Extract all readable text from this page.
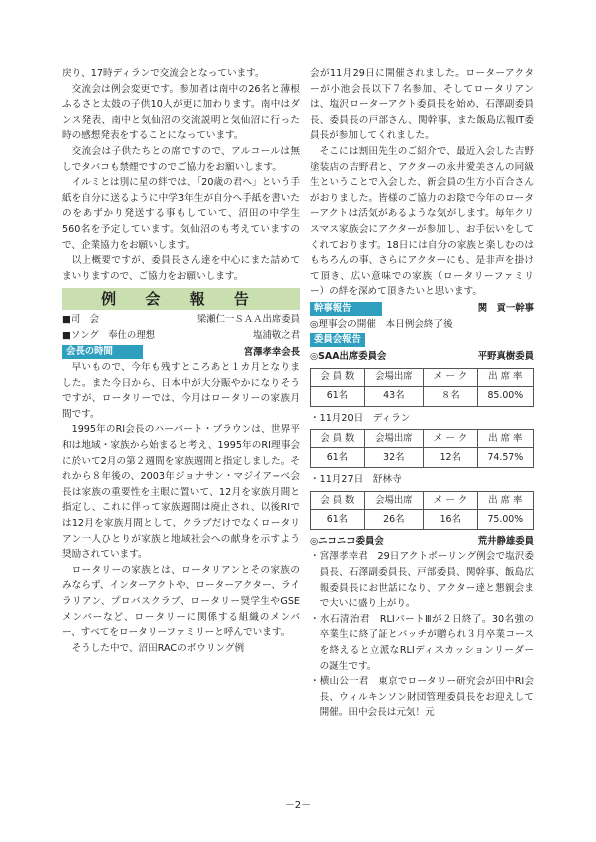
戻り、17時ディランで交流会となっています。

交流会は例会変更です。参加者は南中の26名と薄根ふるさと太鼓の子供10人が更に加わります。南中はダンス発表、南中と気仙沼の交流説明と気仙沼に行った時の感想発表をすることになっています。

交流会は子供たちとの席ですので、アルコールは無しでタバコも禁煙ですのでご協力をお願いします。

イルミとは別に星の絆では、「20歳の君へ」という手紙を自分に送るように中学3年生が自分へ手紙を書いたのをあずかり発送する事もしていて、沼田の中学生560名を予定しています。気仙沼のも考えていますので、企業協力をお願いします。

以上概要ですが、委員長さん達を中心にまた詰めてまいりますので、ご協力をお願いします。

例 会 報 告
■司　会	梁瀬仁一ＳＡＡ出席委員
■ソング　奉仕の理想	塩浦敬之君
会長の時間	宮澤孝幸会長

早いもので、今年も残すところあと１カ月となりました。また今日から、日本中が大分賑やかになりそうですが、ロータリーでは、今月はロータリーの家族月間です。

1995年のRI会長のハーバート・ブラウンは、世界平和は地域・家族から始まると考え、1995年のRI理事会に於いて2月の第２週間を家族週間と指定しました。それから８年後の、2003年ジョナサン・マジイア−べ会長は家族の重要性を主眼に置いて、12月を家族月間と指定し、これに伴って家族週間は廃止され、以後RIでは12月を家族月間として、クラブだけでなくロータリアン一人ひとりが家族と地域社会への献身を示すよう奨励されています。

ロータリーの家族とは、ロータリアンとその家族のみならず、インターアクトや、ローターアクター、ライラリアン、プロバスクラブ、ロータリー奨学生やGSEメンバーなど、ロータリーに関係する組織のメンバー、すべてをロータリーファミリーと呼んでいます。

そうした中で、沼田RACのボウリング例

会が11月29日に開催されました。ローターアクターが小池会長以下７名参加、そしてロータリアンは、塩沢ローターアクト委員長を始め、石澤副委員長、委員長の戸部さん、関幹事、また飯島広報IT委員長が参加してくれました。

そこには割田先生のご紹介で、最近入会した吉野塗装店の吉野君と、アクターの永井愛美さんの同級生ということで入会した、新会員の生方小百合さんがおりました。皆様のご協力のお陰で今年のローターアクトは活気があるような気がします。毎年クリスマス家族会にアクターが参加し、お手伝いをしてくれております。18日には自分の家族と楽しむのはもちろんの事、さらにアクターにも、是非声を掛けて頂き、広い意味での家族（ロータリーファミリー）の絆を深めて頂きたいと思います。

幹事報告	関　貢一幹事

◎理事会の開催　本日例会終了後

委員会報告
◎SAA出席委員会	平野真樹委員
会 員 数	会場出席	メ ー ク	出 席 率
61名	43名	８名	85.00%
・11月20日　ディラン
会 員 数	会場出席	メ ー ク	出 席 率
61名	32名	12名	74.57%
・11月27日　舒林寺
会 員 数	会場出席	メ ー ク	出 席 率
61名	26名	16名	75.00%
◎ニコニコ委員会	荒井静雄委員
・宮澤孝幸君　29日アクトボーリング例会で塩沢委員長、石澤副委員長、戸部委員、関幹事、飯島広報委員長にお世話になり、アクター達と懇親会まで大いに盛り上がり。
・水石清治君　RLIパートⅢが２日終了。30名強の卒業生に終了証とバッチが贈られ３月卒業コースを終えると立派なRLIディスカッションリーダーの誕生です。
・横山公一君　東京でロータリー研究会が田中RI会長、ウィルキンソン財団管理委員長をお迎えして開催。田中会長は元気！元
－2－
